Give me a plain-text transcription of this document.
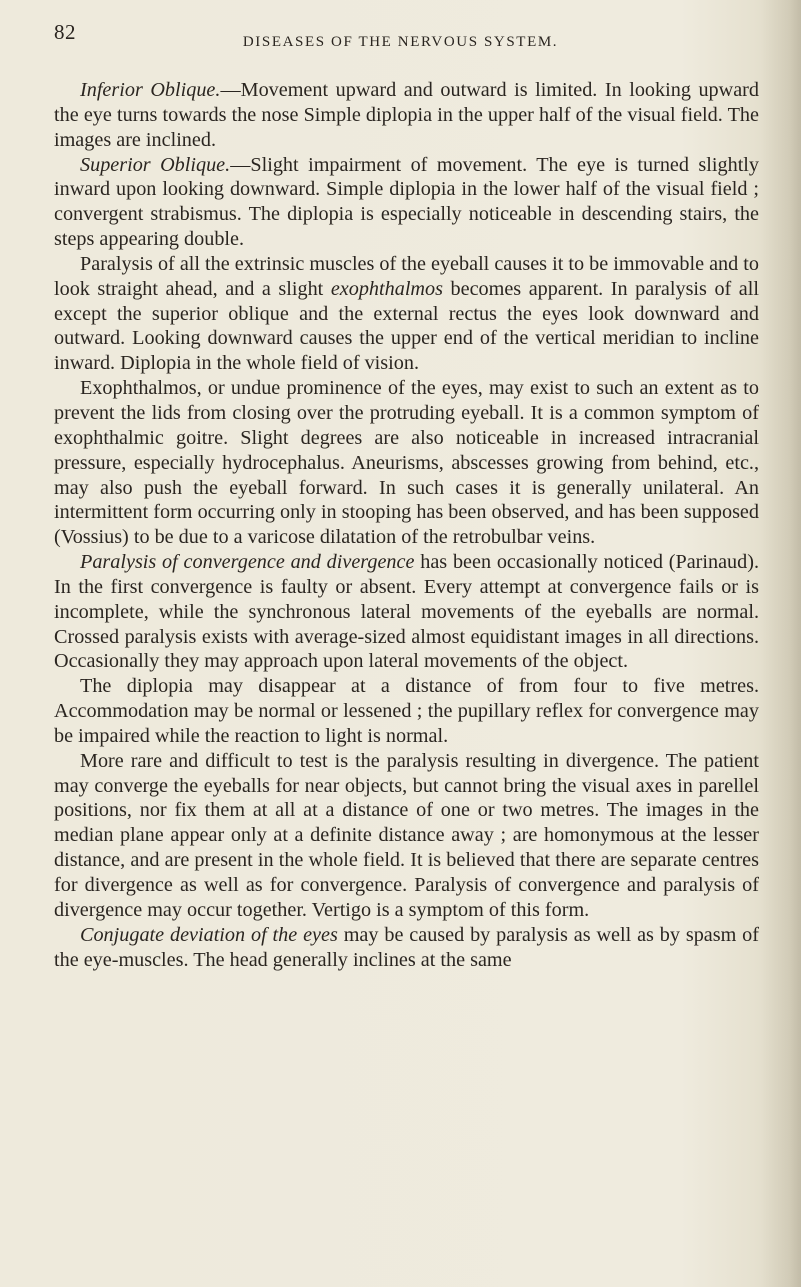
82	DISEASES OF THE NERVOUS SYSTEM.

Inferior Oblique.—Movement upward and outward is limited. In looking upward the eye turns towards the nose Simple diplopia in the upper half of the visual field. The images are inclined.

Superior Oblique.—Slight impairment of movement. The eye is turned slightly inward upon looking downward. Simple diplopia in the lower half of the visual field ; convergent strabismus. The diplopia is especially noticeable in descending stairs, the steps appearing double.

Paralysis of all the extrinsic muscles of the eyeball causes it to be immovable and to look straight ahead, and a slight exophthalmos becomes apparent. In paralysis of all except the superior oblique and the external rectus the eyes look downward and outward. Looking downward causes the upper end of the vertical meridian to incline inward. Diplopia in the whole field of vision.

Exophthalmos, or undue prominence of the eyes, may exist to such an extent as to prevent the lids from closing over the protruding eyeball. It is a common symptom of exophthalmic goitre. Slight degrees are also noticeable in increased intracranial pressure, especially hydrocephalus. Aneurisms, abscesses growing from behind, etc., may also push the eyeball forward. In such cases it is generally unilateral. An intermittent form occurring only in stooping has been observed, and has been supposed (Vossius) to be due to a varicose dilatation of the retrobulbar veins.

Paralysis of convergence and divergence has been occasionally noticed (Parinaud). In the first convergence is faulty or absent. Every attempt at convergence fails or is incomplete, while the synchronous lateral movements of the eyeballs are normal. Crossed paralysis exists with average-sized almost equidistant images in all directions. Occasionally they may approach upon lateral movements of the object.

The diplopia may disappear at a distance of from four to five metres. Accommodation may be normal or lessened ; the pupillary reflex for convergence may be impaired while the reaction to light is normal.

More rare and difficult to test is the paralysis resulting in divergence. The patient may converge the eyeballs for near objects, but cannot bring the visual axes in parellel positions, nor fix them at all at a distance of one or two metres. The images in the median plane appear only at a definite distance away ; are homonymous at the lesser distance, and are present in the whole field. It is believed that there are separate centres for divergence as well as for convergence. Paralysis of convergence and paralysis of divergence may occur together. Vertigo is a symptom of this form.

Conjugate deviation of the eyes may be caused by paralysis as well as by spasm of the eye-muscles. The head generally inclines at the same
